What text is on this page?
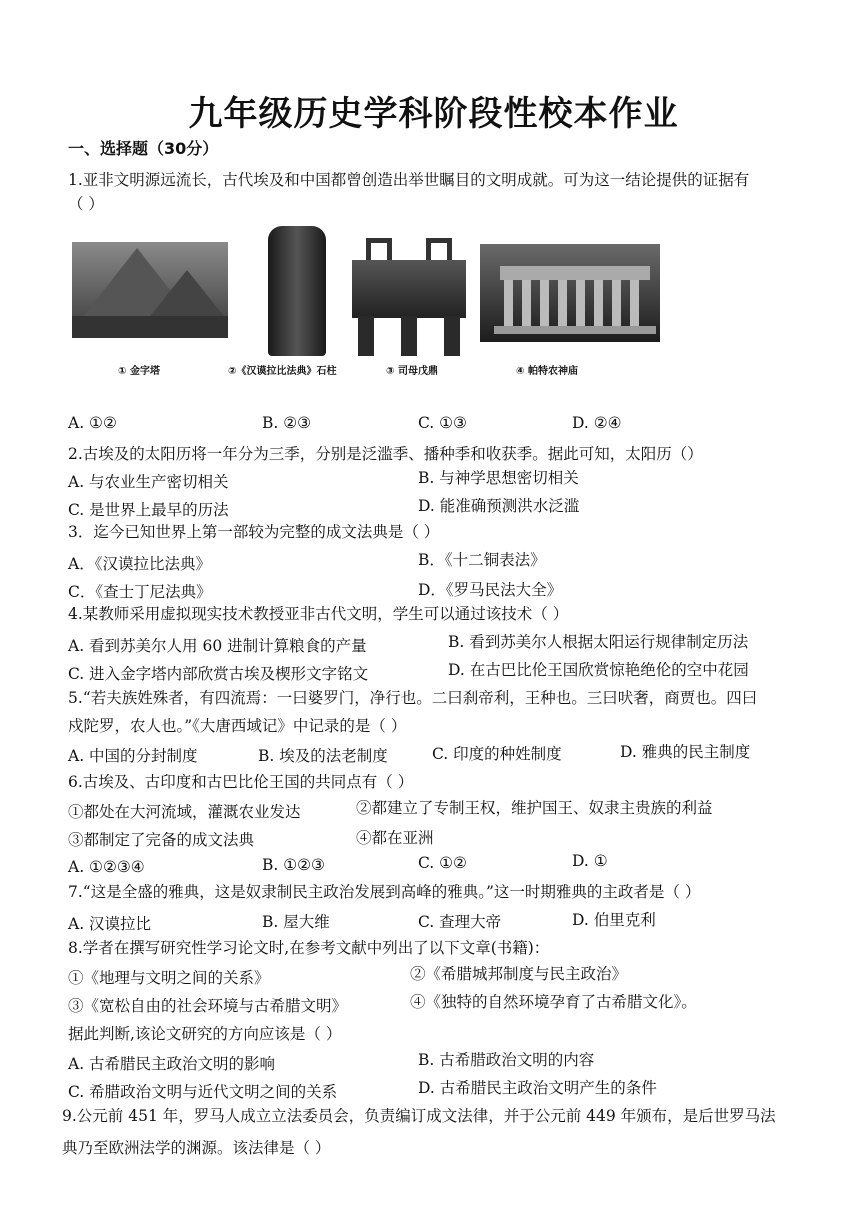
九年级历史学科阶段性校本作业
一、选择题（30分）
1.亚非文明源远流长，古代埃及和中国都曾创造出举世瞩目的文明成就。可为这一结论提供的证据有
（ ）
① 金字塔	②《汉谟拉比法典》石柱	③ 司母戊鼎	④ 帕特农神庙
A. ①②	B. ②③	C. ①③	D. ②④
2.古埃及的太阳历将一年分为三季，分别是泛滥季、播种季和收获季。据此可知，太阳历（）
A. 与农业生产密切相关	B. 与神学思想密切相关
C. 是世界上最早的历法	D. 能准确预测洪水泛滥
3．迄今已知世界上第一部较为完整的成文法典是（ ）
A．《汉谟拉比法典》	B．《十二铜表法》
C．《查士丁尼法典》	D．《罗马民法大全》
4.某教师采用虚拟现实技术教授亚非古代文明，学生可以通过该技术（ ）
A. 看到苏美尔人用 60 进制计算粮食的产量	B. 看到苏美尔人根据太阳运行规律制定历法
C. 进入金字塔内部欣赏古埃及楔形文字铭文	D. 在古巴比伦王国欣赏惊艳绝伦的空中花园
5.“若夫族姓殊者，有四流焉：一曰婆罗门，净行也。二曰刹帝利，王种也。三曰吠奢，商贾也。四曰
戍陀罗，农人也。”《大唐西域记》中记录的是（ ）
A. 中国的分封制度	B. 埃及的法老制度	C. 印度的种姓制度	D. 雅典的民主制度
6.古埃及、古印度和古巴比伦王国的共同点有（ ）
①都处在大河流域，灌溉农业发达	②都建立了专制王权，维护国王、奴隶主贵族的利益
③都制定了完备的成文法典	④都在亚洲
A. ①②③④	B. ①②③	C. ①②	D. ①
7.“这是全盛的雅典，这是奴隶制民主政治发展到高峰的雅典。”这一时期雅典的主政者是（ ）
A. 汉谟拉比	B. 屋大维	C. 查理大帝	D. 伯里克利
8.学者在撰写研究性学习论文时,在参考文献中列出了以下文章(书籍)：
①《地理与文明之间的关系》	②《希腊城邦制度与民主政治》
③《宽松自由的社会环境与古希腊文明》	④《独特的自然环境孕育了古希腊文化》。
据此判断,该论文研究的方向应该是（ ）
A. 古希腊民主政治文明的影响	B. 古希腊政治文明的内容
C. 希腊政治文明与近代文明之间的关系	D. 古希腊民主政治文明产生的条件
9.公元前 451 年，罗马人成立立法委员会，负责编订成文法律，并于公元前 449 年颁布，是后世罗马法
典乃至欧洲法学的渊源。该法律是（ ）
